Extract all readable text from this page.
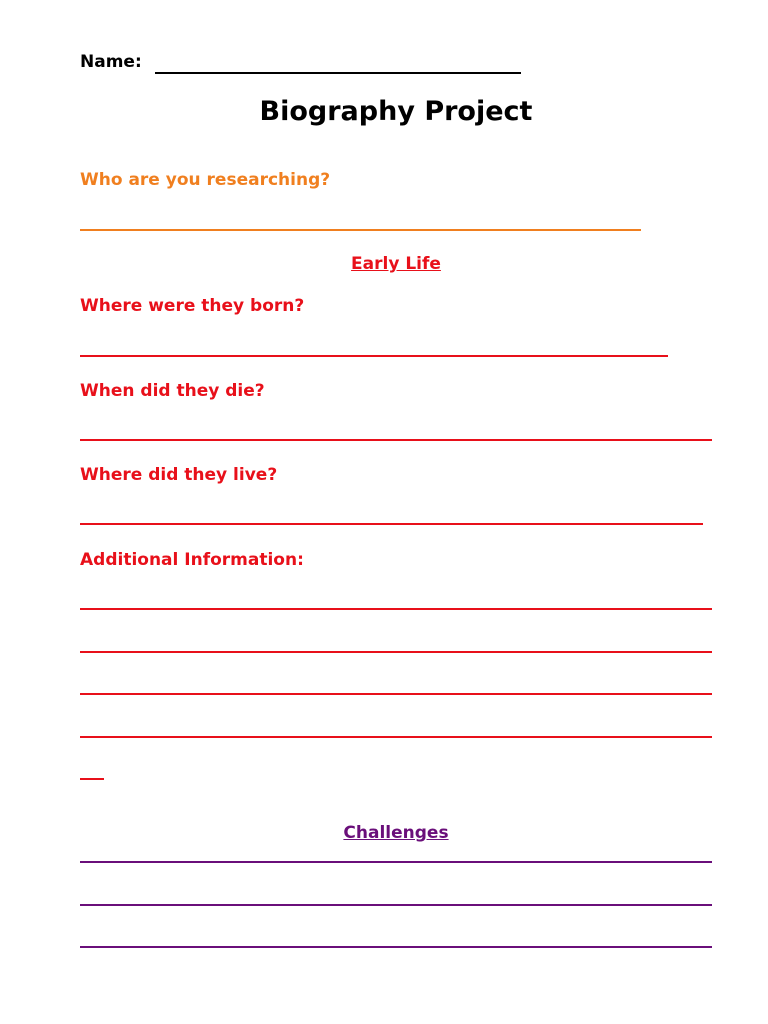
Name:
Biography Project
Who are you researching?
Early Life
Where were they born?
When did they die?
Where did they live?
Additional Information:
Challenges
